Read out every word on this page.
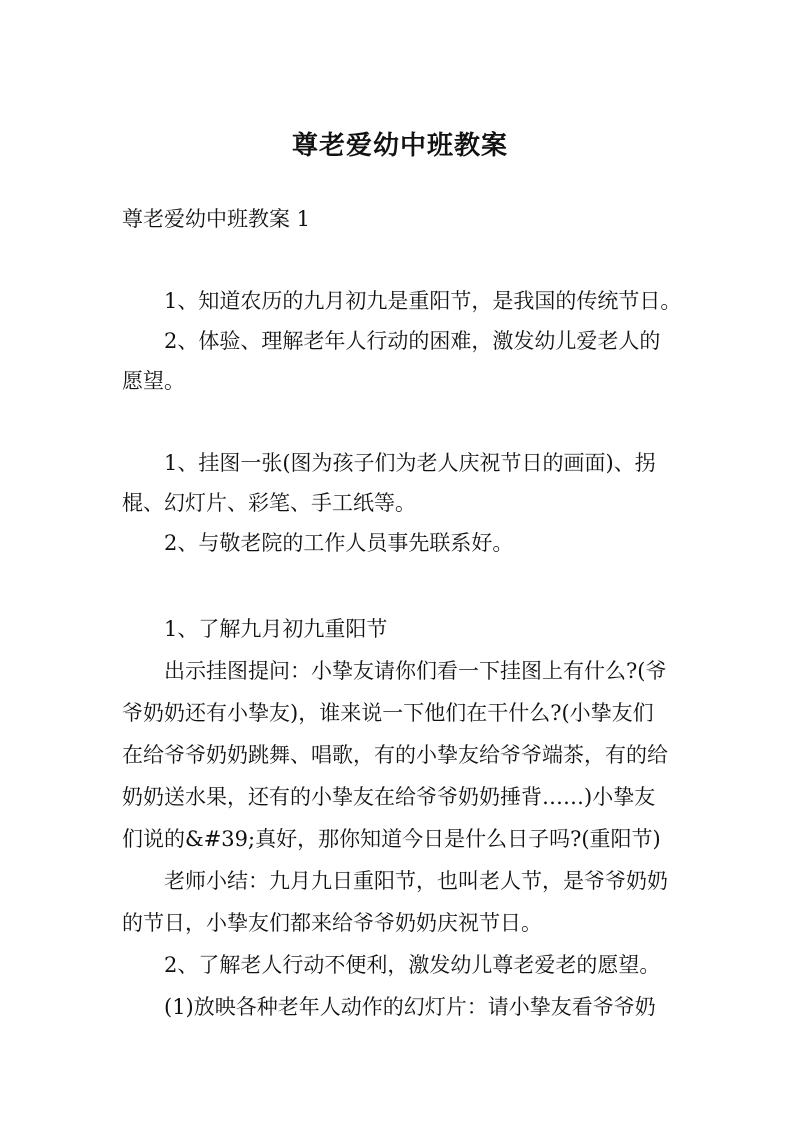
尊老爱幼中班教案
尊老爱幼中班教案 1
1、知道农历的九月初九是重阳节，是我国的传统节日。
2、体验、理解老年人行动的困难，激发幼儿爱老人的
愿望。
1、挂图一张(图为孩子们为老人庆祝节日的画面)、拐
棍、幻灯片、彩笔、手工纸等。
2、与敬老院的工作人员事先联系好。
1、了解九月初九重阳节
出示挂图提问：小挚友请你们看一下挂图上有什么?(爷
爷奶奶还有小挚友)，谁来说一下他们在干什么?(小挚友们
在给爷爷奶奶跳舞、唱歌，有的小挚友给爷爷端茶，有的给
奶奶送水果，还有的小挚友在给爷爷奶奶捶背……)小挚友
们说的&#39;真好，那你知道今日是什么日子吗?(重阳节)
老师小结：九月九日重阳节，也叫老人节，是爷爷奶奶
的节日，小挚友们都来给爷爷奶奶庆祝节日。
2、了解老人行动不便利，激发幼儿尊老爱老的愿望。
(1)放映各种老年人动作的幻灯片：请小挚友看爷爷奶
